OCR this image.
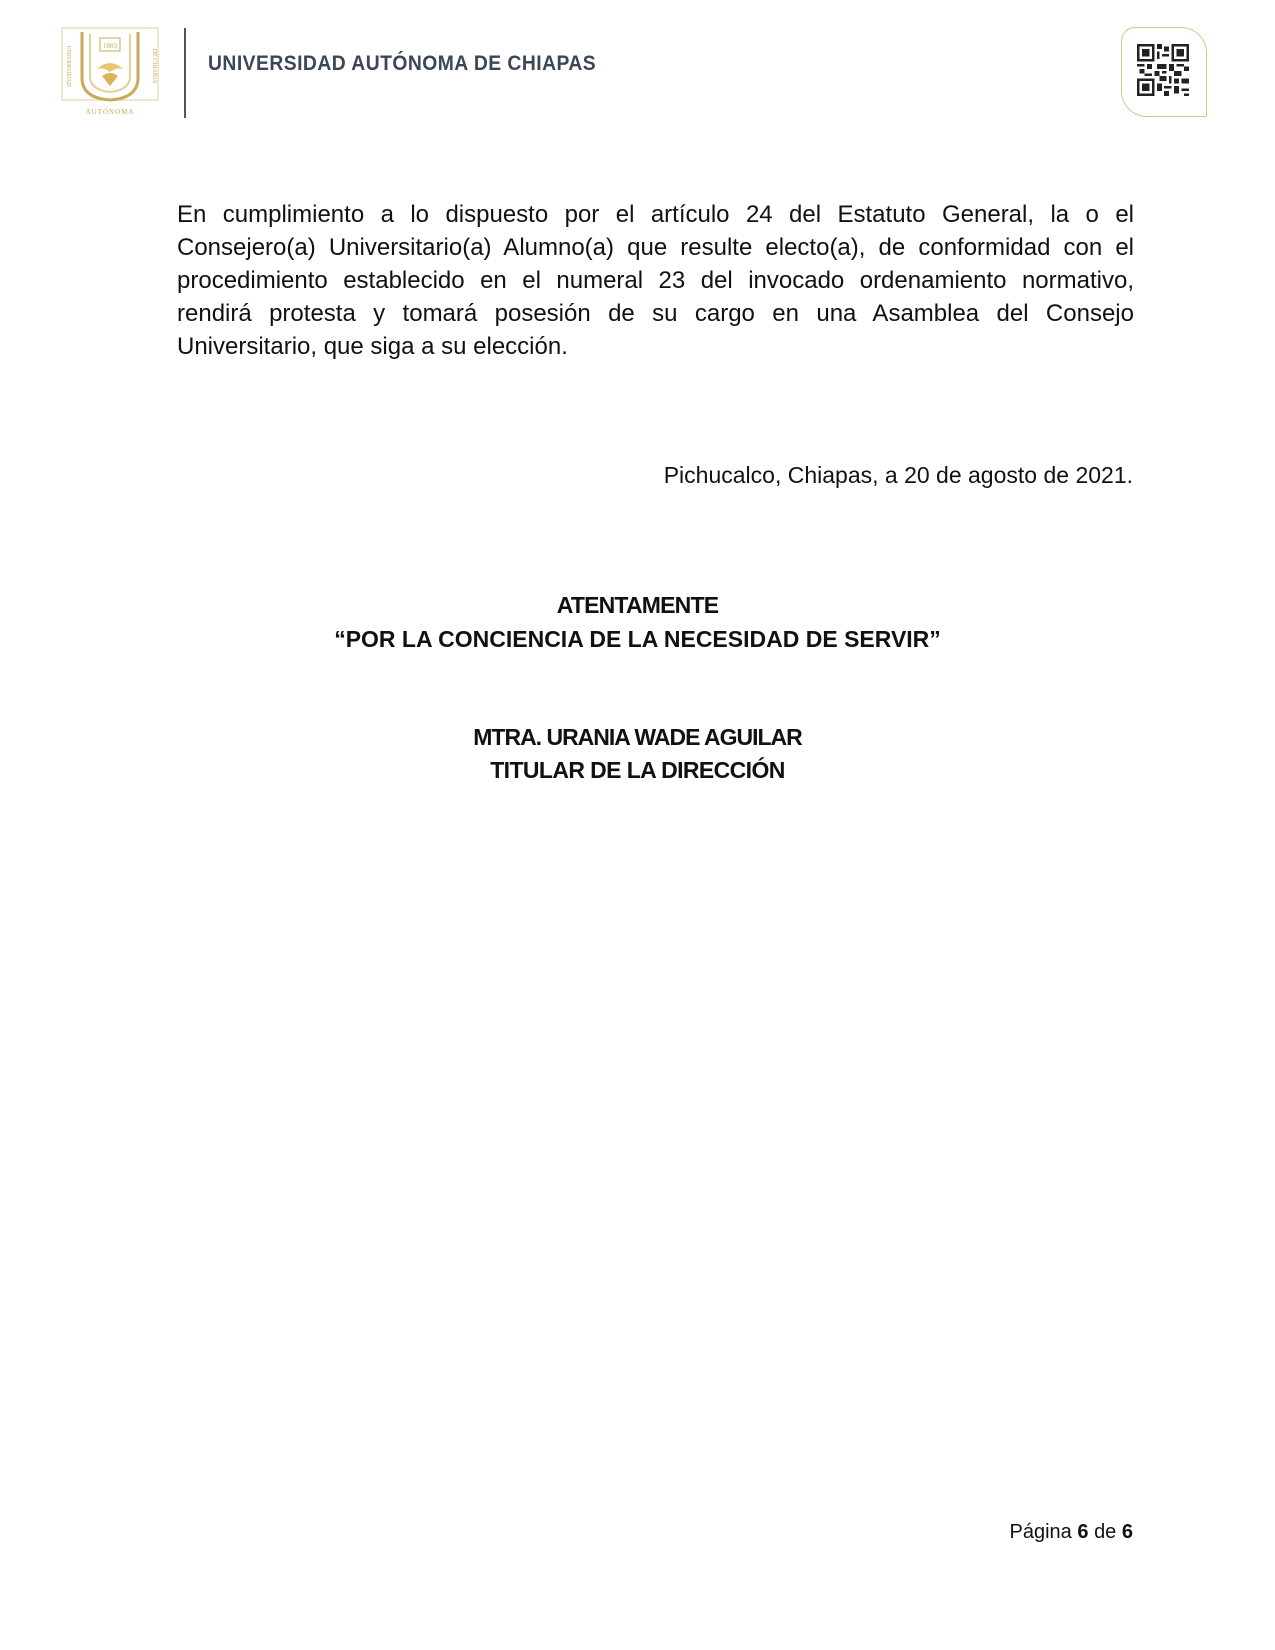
UNIVERSIDAD	DE CHIAPAS
1883
AUTÓNOMA
UNIVERSIDAD AUTÓNOMA DE CHIAPAS

En cumplimiento a lo dispuesto por el artículo 24 del Estatuto General, la o el Consejero(a) Universitario(a) Alumno(a) que resulte electo(a), de conformidad con el procedimiento establecido en el numeral 23 del invocado ordenamiento normativo, rendirá protesta y tomará posesión de su cargo en una Asamblea del Consejo Universitario, que siga a su elección.

Pichucalco, Chiapas, a 20 de agosto de 2021.
ATENTAMENTE
“POR LA CONCIENCIA DE LA NECESIDAD DE SERVIR”
MTRA. URANIA WADE AGUILAR
TITULAR DE LA DIRECCIÓN
Página 6 de 6
